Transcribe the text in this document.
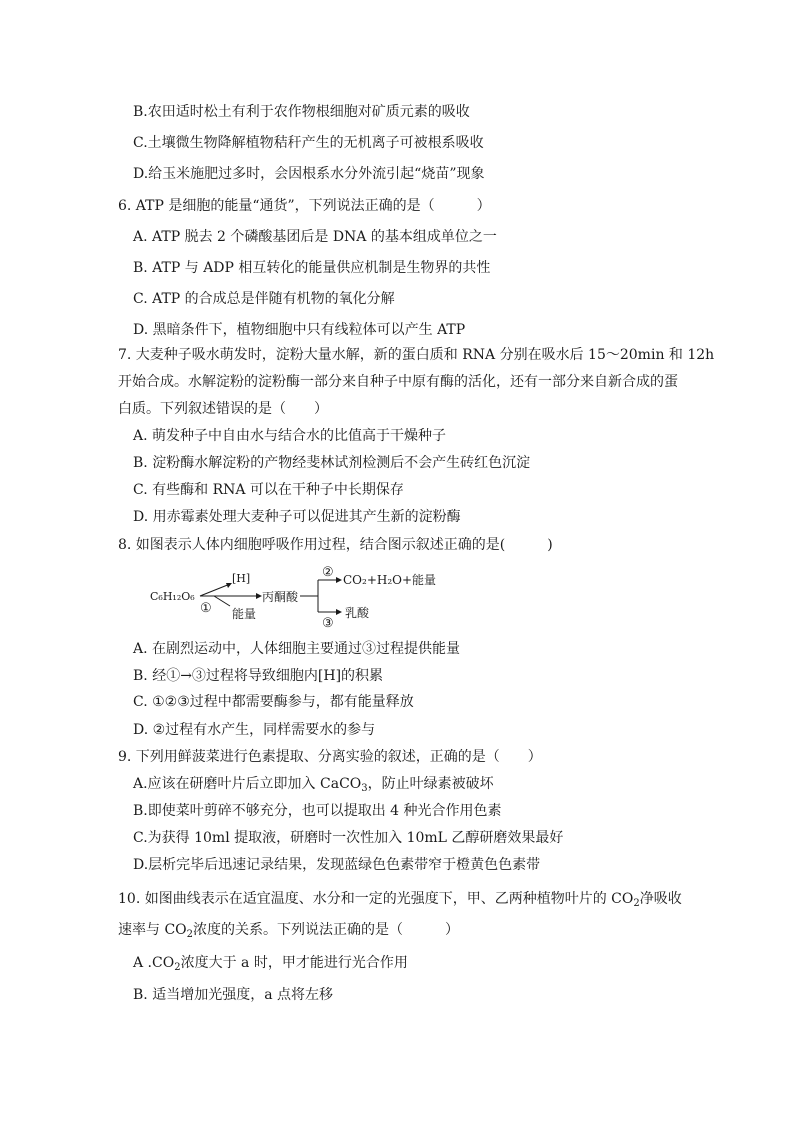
B.农田适时松土有利于农作物根细胞对矿质元素的吸收
C.土壤微生物降解植物秸秆产生的无机离子可被根系吸收
D.给玉米施肥过多时，会因根系水分外流引起“烧苗”现象
6. ATP 是细胞的能量“通货”，下列说法正确的是（　　　）
A. ATP 脱去 2 个磷酸基团后是 DNA 的基本组成单位之一
B. ATP 与 ADP 相互转化的能量供应机制是生物界的共性
C. ATP 的合成总是伴随有机物的氧化分解
D. 黑暗条件下，植物细胞中只有线粒体可以产生 ATP
7. 大麦种子吸水萌发时，淀粉大量水解，新的蛋白质和 RNA 分别在吸水后 15～20min 和 12h
开始合成。水解淀粉的淀粉酶一部分来自种子中原有酶的活化，还有一部分来自新合成的蛋
白质。下列叙述错误的是（　　）
A. 萌发种子中自由水与结合水的比值高于干燥种子
B. 淀粉酶水解淀粉的产物经斐林试剂检测后不会产生砖红色沉淀
C. 有些酶和 RNA 可以在干种子中长期保存
D. 用赤霉素处理大麦种子可以促进其产生新的淀粉酶
8. 如图表示人体内细胞呼吸作用过程，结合图示叙述正确的是(　　　)
C₆H₁₂O₆
[H]
能量
①
丙酮酸
② CO₂+H₂O+能量
乳酸
③
A. 在剧烈运动中，人体细胞主要通过③过程提供能量
B. 经①→③过程将导致细胞内[H]的积累
C. ①②③过程中都需要酶参与，都有能量释放
D. ②过程有水产生，同样需要水的参与
9. 下列用鲜菠菜进行色素提取、分离实验的叙述，正确的是（　　）
A.应该在研磨叶片后立即加入 CaCO$_3$，防止叶绿素被破坏
B.即使菜叶剪碎不够充分，也可以提取出 4 种光合作用色素
C.为获得 10ml 提取液，研磨时一次性加入 10mL 乙醇研磨效果最好
D.层析完毕后迅速记录结果，发现蓝绿色色素带窄于橙黄色色素带
10. 如图曲线表示在适宜温度、水分和一定的光强度下，甲、乙两种植物叶片的 $CO_2$净吸收
速率与 $CO_2$浓度的关系。下列说法正确的是（　　　）
A $.CO_2$浓度大于 a 时，甲才能进行光合作用
B. 适当增加光强度，a 点将左移
